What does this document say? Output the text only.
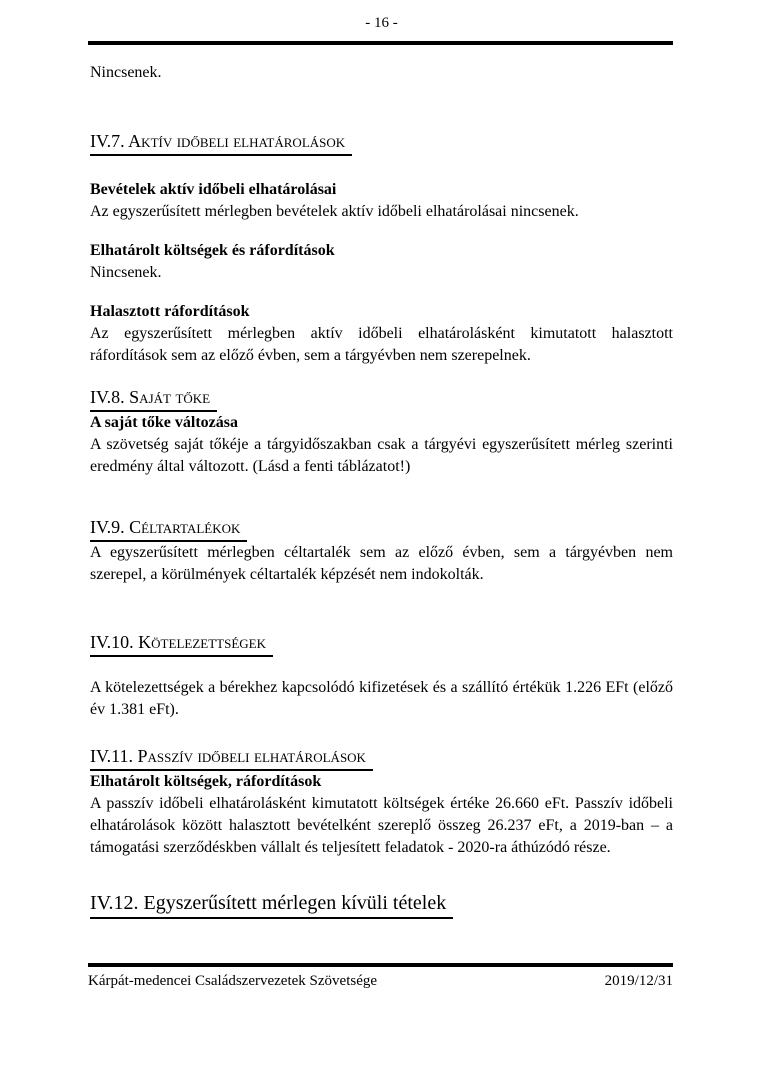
- 16 -

Nincsenek.

IV.7. Aktív időbeli elhatárolások
Bevételek aktív időbeli elhatárolásai

Az egyszerűsített mérlegben bevételek aktív időbeli elhatárolásai nincsenek.

Elhatárolt költségek és ráfordítások

Nincsenek.

Halasztott ráfordítások

Az egyszerűsített mérlegben aktív időbeli elhatárolásként kimutatott halasztott ráfordítások sem az előző évben, sem a tárgyévben nem szerepelnek.

IV.8. Saját tőke
A saját tőke változása

A szövetség saját tőkéje a tárgyidőszakban csak a tárgyévi egyszerűsített mérleg szerinti eredmény által változott. (Lásd a fenti táblázatot!)

IV.9. Céltartalékok

A egyszerűsített mérlegben céltartalék sem az előző évben, sem a tárgyévben nem szerepel, a körülmények céltartalék képzését nem indokolták.

IV.10. Kötelezettségek

A kötelezettségek a bérekhez kapcsolódó kifizetések és a szállító értékük 1.226 EFt (előző év 1.381 eFt).

IV.11. Passzív időbeli elhatárolások
Elhatárolt költségek, ráfordítások

A passzív időbeli elhatárolásként kimutatott költségek értéke 26.660 eFt. Passzív időbeli elhatárolások között halasztott bevételként szereplő összeg 26.237 eFt, a 2019-ban – a támogatási szerződéskben vállalt és teljesített feladatok - 2020-ra áthúzódó része.

IV.12. Egyszerűsített mérlegen kívüli tételek
Kárpát-medencei Családszervezetek Szövetsége	2019/12/31
